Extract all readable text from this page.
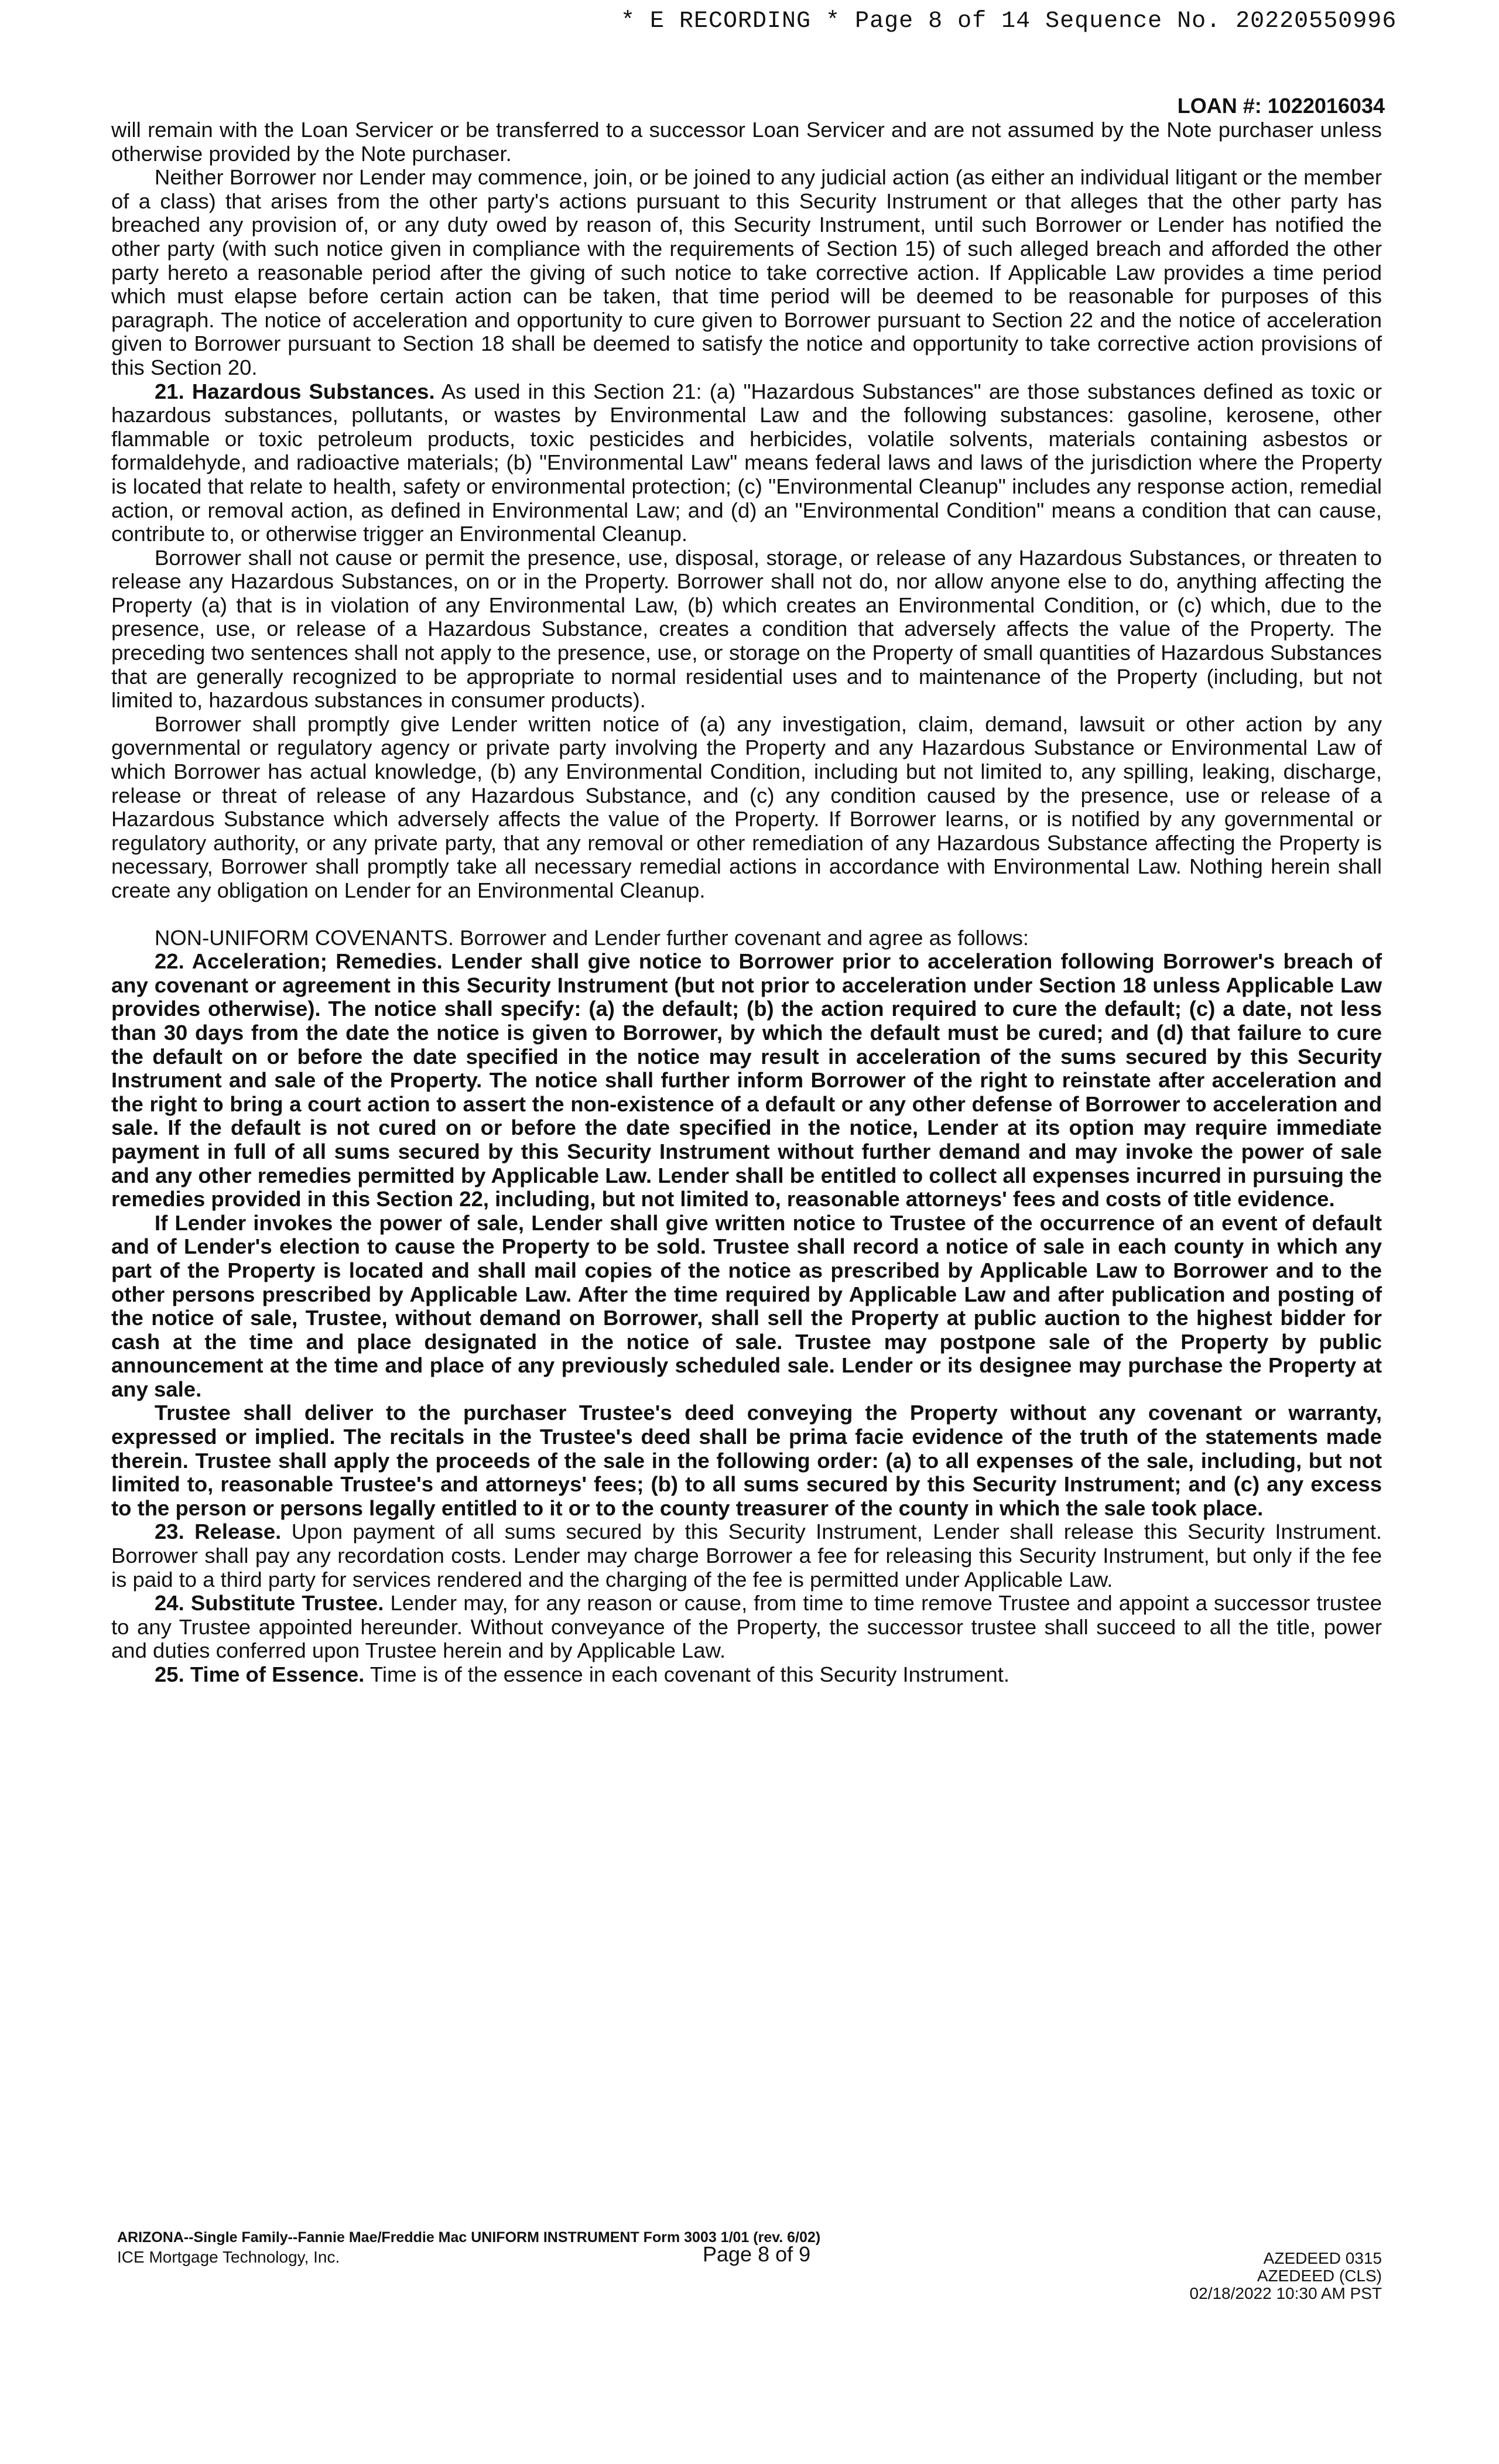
* E RECORDING * Page 8 of 14 Sequence No. 20220550996
LOAN #: 1022016034

will remain with the Loan Servicer or be transferred to a successor Loan Servicer and are not assumed by the Note purchaser unless otherwise provided by the Note purchaser.

Neither Borrower nor Lender may commence, join, or be joined to any judicial action (as either an individual litigant or the member of a class) that arises from the other party's actions pursuant to this Security Instrument or that alleges that the other party has breached any provision of, or any duty owed by reason of, this Security Instrument, until such Borrower or Lender has notified the other party (with such notice given in compliance with the requirements of Section 15) of such alleged breach and afforded the other party hereto a reasonable period after the giving of such notice to take corrective action. If Applicable Law provides a time period which must elapse before certain action can be taken, that time period will be deemed to be reasonable for purposes of this paragraph. The notice of acceleration and opportunity to cure given to Borrower pursuant to Section 22 and the notice of acceleration given to Borrower pursuant to Section 18 shall be deemed to satisfy the notice and opportunity to take corrective action provisions of this Section 20.

21. Hazardous Substances. As used in this Section 21: (a) "Hazardous Substances" are those substances defined as toxic or hazardous substances, pollutants, or wastes by Environmental Law and the following substances: gasoline, kerosene, other flammable or toxic petroleum products, toxic pesticides and herbicides, volatile solvents, materials containing asbestos or formaldehyde, and radioactive materials; (b) "Environmental Law" means federal laws and laws of the jurisdiction where the Property is located that relate to health, safety or environmental protection; (c) "Environmental Cleanup" includes any response action, remedial action, or removal action, as defined in Environmental Law; and (d) an "Environmental Condition" means a condition that can cause, contribute to, or otherwise trigger an Environmental Cleanup.

Borrower shall not cause or permit the presence, use, disposal, storage, or release of any Hazardous Substances, or threaten to release any Hazardous Substances, on or in the Property. Borrower shall not do, nor allow anyone else to do, anything affecting the Property (a) that is in violation of any Environmental Law, (b) which creates an Environmental Condition, or (c) which, due to the presence, use, or release of a Hazardous Substance, creates a condition that adversely affects the value of the Property. The preceding two sentences shall not apply to the presence, use, or storage on the Property of small quantities of Hazardous Substances that are generally recognized to be appropriate to normal residential uses and to maintenance of the Property (including, but not limited to, hazardous substances in consumer products).

Borrower shall promptly give Lender written notice of (a) any investigation, claim, demand, lawsuit or other action by any governmental or regulatory agency or private party involving the Property and any Hazardous Substance or Environmental Law of which Borrower has actual knowledge, (b) any Environmental Condition, including but not limited to, any spilling, leaking, discharge, release or threat of release of any Hazardous Substance, and (c) any condition caused by the presence, use or release of a Hazardous Substance which adversely affects the value of the Property. If Borrower learns, or is notified by any governmental or regulatory authority, or any private party, that any removal or other remediation of any Hazardous Substance affecting the Property is necessary, Borrower shall promptly take all necessary remedial actions in accordance with Environmental Law. Nothing herein shall create any obligation on Lender for an Environmental Cleanup.

NON-UNIFORM COVENANTS. Borrower and Lender further covenant and agree as follows:

22. Acceleration; Remedies. Lender shall give notice to Borrower prior to acceleration following Borrower's breach of any covenant or agreement in this Security Instrument (but not prior to acceleration under Section 18 unless Applicable Law provides otherwise). The notice shall specify: (a) the default; (b) the action required to cure the default; (c) a date, not less than 30 days from the date the notice is given to Borrower, by which the default must be cured; and (d) that failure to cure the default on or before the date specified in the notice may result in acceleration of the sums secured by this Security Instrument and sale of the Property. The notice shall further inform Borrower of the right to reinstate after acceleration and the right to bring a court action to assert the non-existence of a default or any other defense of Borrower to acceleration and sale. If the default is not cured on or before the date specified in the notice, Lender at its option may require immediate payment in full of all sums secured by this Security Instrument without further demand and may invoke the power of sale and any other remedies permitted by Applicable Law. Lender shall be entitled to collect all expenses incurred in pursuing the remedies provided in this Section 22, including, but not limited to, reasonable attorneys' fees and costs of title evidence.

If Lender invokes the power of sale, Lender shall give written notice to Trustee of the occurrence of an event of default and of Lender's election to cause the Property to be sold. Trustee shall record a notice of sale in each county in which any part of the Property is located and shall mail copies of the notice as prescribed by Applicable Law to Borrower and to the other persons prescribed by Applicable Law. After the time required by Applicable Law and after publication and posting of the notice of sale, Trustee, without demand on Borrower, shall sell the Property at public auction to the highest bidder for cash at the time and place designated in the notice of sale. Trustee may postpone sale of the Property by public announcement at the time and place of any previously scheduled sale. Lender or its designee may purchase the Property at any sale.

Trustee shall deliver to the purchaser Trustee's deed conveying the Property without any covenant or warranty, expressed or implied. The recitals in the Trustee's deed shall be prima facie evidence of the truth of the statements made therein. Trustee shall apply the proceeds of the sale in the following order: (a) to all expenses of the sale, including, but not limited to, reasonable Trustee's and attorneys' fees; (b) to all sums secured by this Security Instrument; and (c) any excess to the person or persons legally entitled to it or to the county treasurer of the county in which the sale took place.

23. Release. Upon payment of all sums secured by this Security Instrument, Lender shall release this Security Instrument. Borrower shall pay any recordation costs. Lender may charge Borrower a fee for releasing this Security Instrument, but only if the fee is paid to a third party for services rendered and the charging of the fee is permitted under Applicable Law.

24. Substitute Trustee. Lender may, for any reason or cause, from time to time remove Trustee and appoint a successor trustee to any Trustee appointed hereunder. Without conveyance of the Property, the successor trustee shall succeed to all the title, power and duties conferred upon Trustee herein and by Applicable Law.

25. Time of Essence. Time is of the essence in each covenant of this Security Instrument.

ARIZONA--Single Family--Fannie Mae/Freddie Mac UNIFORM INSTRUMENT Form 3003 1/01 (rev. 6/02)
ICE Mortgage Technology, Inc.	Page 8 of 9	AZEDEED 0315
AZEDEED (CLS)
02/18/2022 10:30 AM PST
